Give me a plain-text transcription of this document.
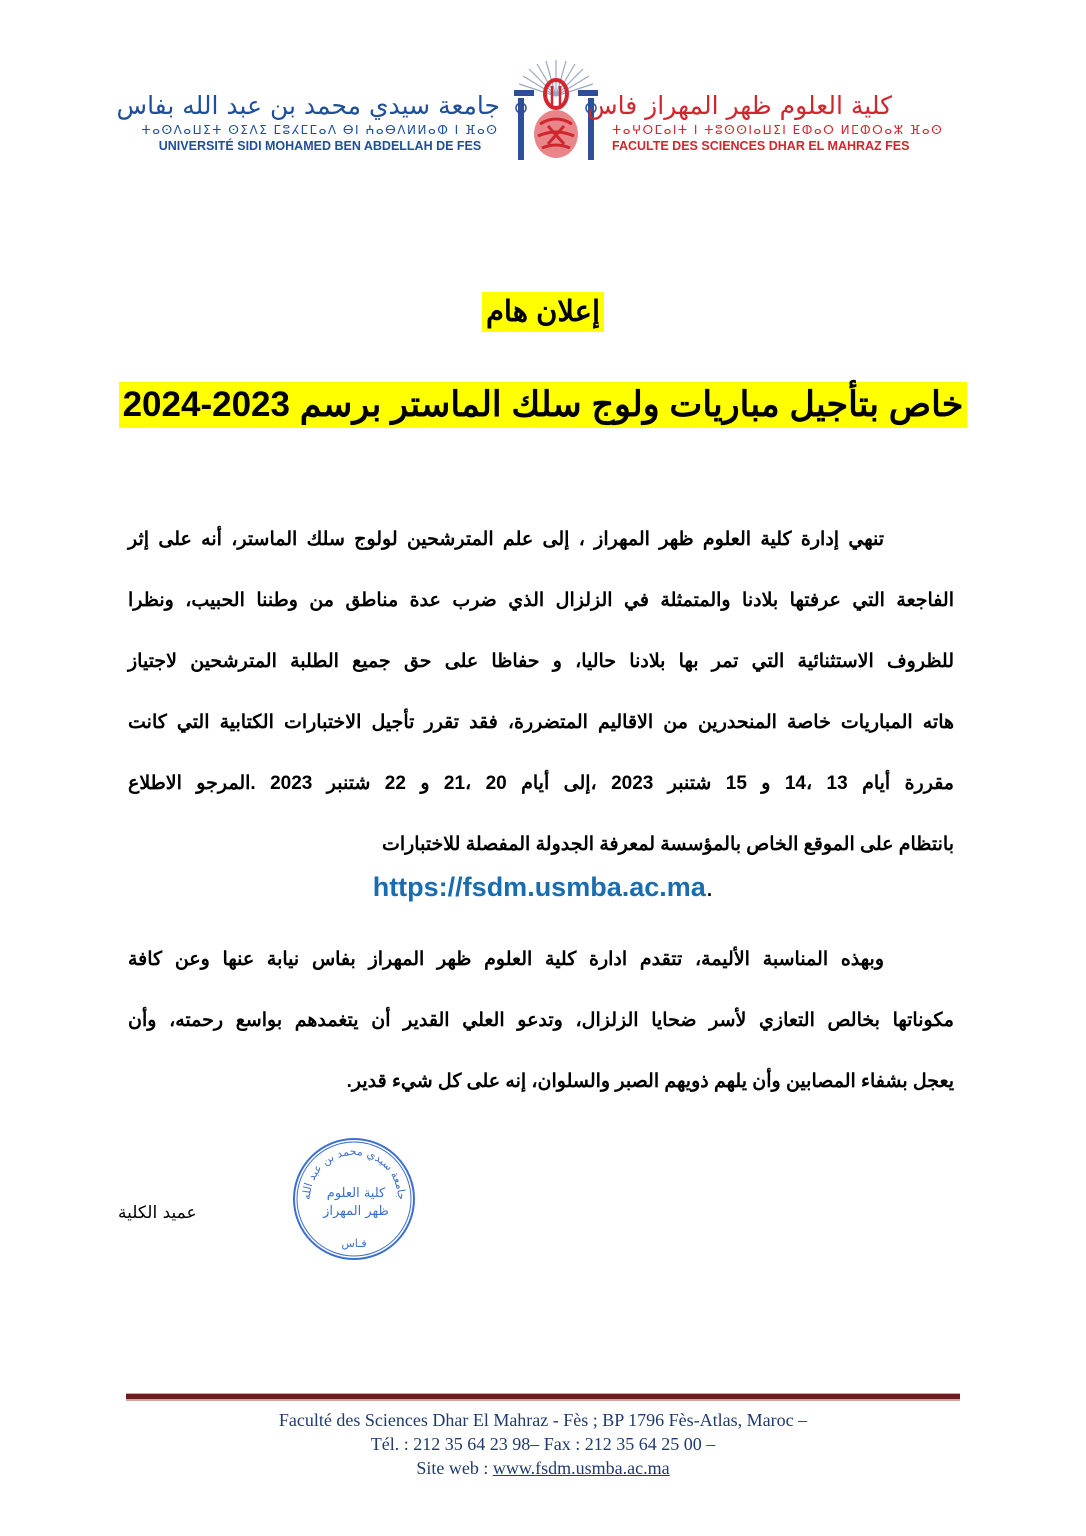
جامعة سيدي محمد بن عبد الله بفاس
ⵜⴰⵙⴷⴰⵡⵉⵜ ⵙⵉⴷⵉ ⵎⵓⵃⵎⵎⴰⴷ ⴱⵏ ⵄⴰⴱⴷⵍⵍⴰⵀ ⵏ ⴼⴰⵙ
UNIVERSITÉ SIDI MOHAMED BEN ABDELLAH DE FES
كلية العلوم ظهر المهراز فاس
ⵜⴰⵖⵔⵎⴰⵏⵜ ⵏ ⵜⵓⵙⵙⵏⴰⵡⵉⵏ ⴹⵀⴰⵔ ⵍⵎⵀⵔⴰⵣ ⴼⴰⵙ
FACULTE DES SCIENCES DHAR EL MAHRAZ FES
إعلان هام
خاص بتأجيل مباريات ولوج سلك الماستر برسم 2023-2024
تنهي إدارة كلية العلوم ظهر المهراز ، إلى علم المترشحين لولوج سلك الماستر، أنه على إثر
الفاجعة التي عرفتها بلادنا والمتمثلة في الزلزال الذي ضرب عدة مناطق من وطننا الحبيب، ونظرا
للظروف الاستثنائية التي تمر بها بلادنا حاليا، و حفاظا على حق جميع الطلبة المترشحين لاجتياز
هاته المباريات خاصة المنحدرين من الاقاليم المتضررة، فقد تقرر تأجيل الاختبارات الكتابية التي كانت
مقررة أيام 13 ،14 و 15 شتنبر 2023 ،إلى أيام 20 ،21 و 22 شتنبر 2023 .المرجو الاطلاع
بانتظام على الموقع الخاص بالمؤسسة لمعرفة الجدولة المفصلة للاختبارات
https://fsdm.usmba.ac.ma.
وبهذه المناسبة الأليمة، تتقدم ادارة كلية العلوم ظهر المهراز بفاس نيابة عنها وعن كافة
مكوناتها بخالص التعازي لأسر ضحايا الزلزال، وتدعو العلي القدير أن يتغمدهم بواسع رحمته، وأن
يعجل بشفاء المصابين وأن يلهم ذويهم الصبر والسلوان، إنه على كل شيء قدير.
عميد الكلية
جامعة سيدي محمد بن عبد الله
كلية العلوم
ظهر المهراز
فـاس
Faculté des Sciences Dhar El Mahraz - Fès ; BP 1796 Fès-Atlas, Maroc –
Tél. : 212 35 64 23 98– Fax : 212 35 64 25 00 –
Site web : www.fsdm.usmba.ac.ma
